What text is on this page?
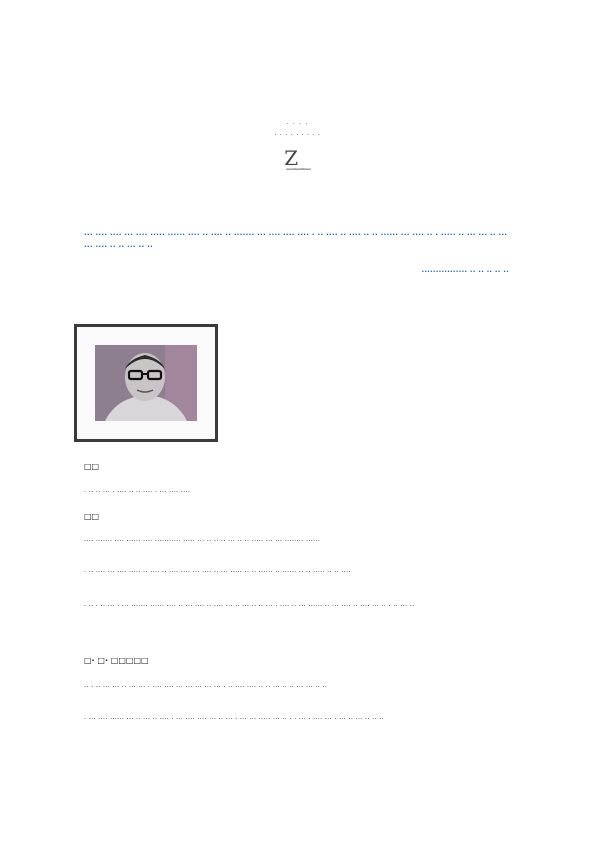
· · · ·
· · · · · · · · ·
Z̲ ̲ ̲
··· ···· ···· ··· ···· ····· ······ ···· ·· ···· ·· ······· ··· ···· ···· ···· · ·· ···· ·· ···· ·· ·· ······ ··· ···· ·· · ····· ·· ··· ··· ·· ··· ··· ···· ·· ·· ··· ·· ··
················ ·· ·· ·· ·· ··
□□
· ·· ·· ··· · ···· ·· ·· ···· · ··· ···· ····
□□
···· ······· ···· ······ ···· ··········· ····· ··· ·· ·· ·· ··· ·· ·· ····· ··· ··· ········ ······
· ·· ···· ··· ···· ····· ·· ···· ·· ···· ···· ··· ···· ·· ··· ····· ·· ·· ······ ·· ······ ·· ·· ····· ·· ·· ····
· ·· · ·· ··· · ··· ······· ······ ···· ·· ··· ···· ·· ···· ··· ·· ··· ·· ·· ··· · ···· ·· ··· ······ ·· ··· ···· ·· ···· ··· ·· · ·· ··· ··
□· □· □□□□□
·· · ·· ··· ··· ·· ··· ··· · ···· ···· ··· ··· ··· ··· ··· · ·· ···· ···· ·· ·· ··· ·· ·· ··· ··· ·· ··
· ··· ···· ······ ··· ·· ··· ·· ···· · ··· ···· ···· ··· ·· ··· · ··· ··· ····· ··· ·· · · ··· · ···· ··· · ··· ·· ··· ·· ·· ··
